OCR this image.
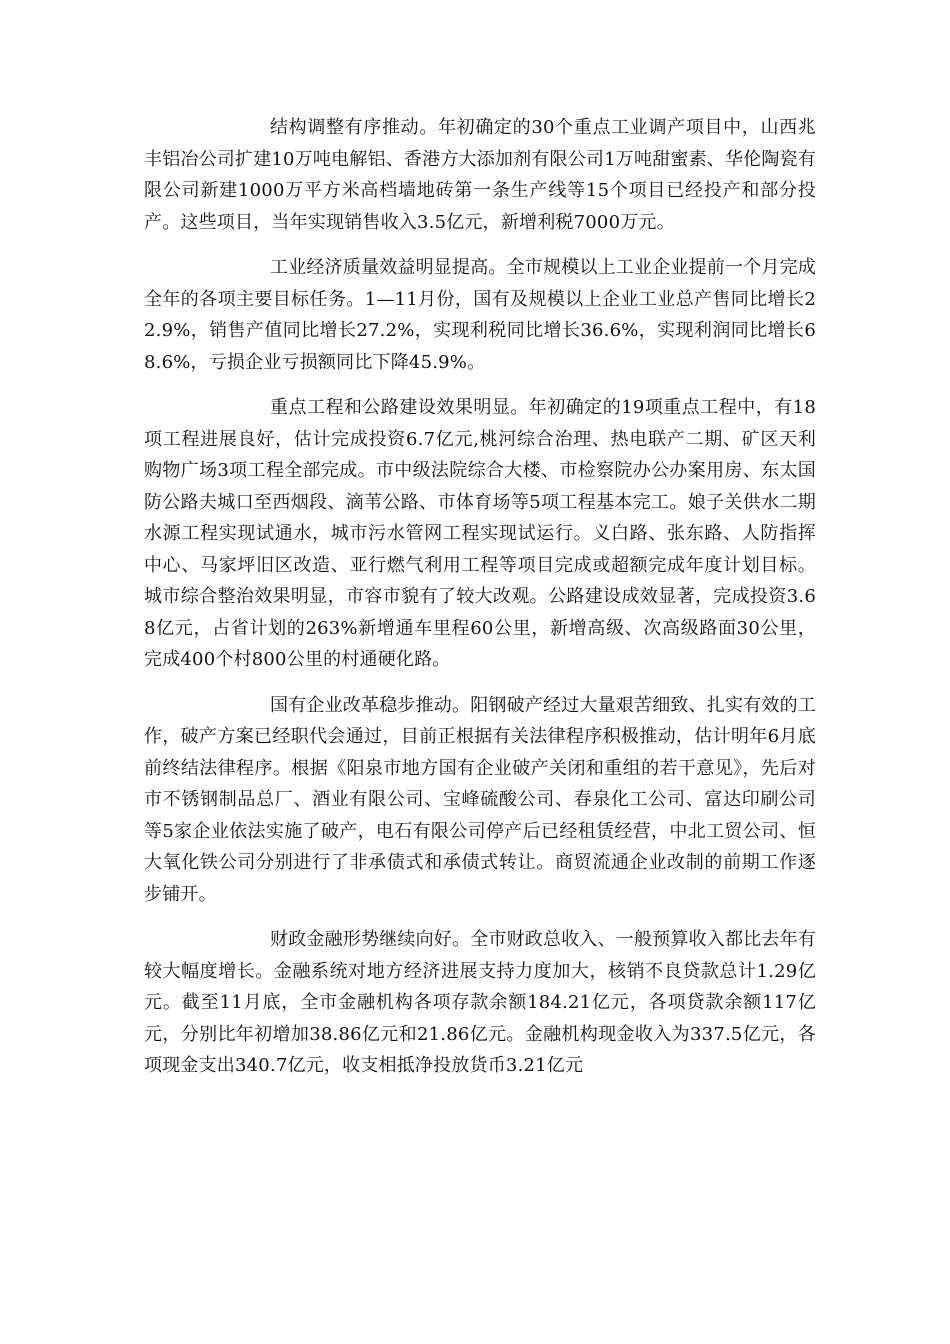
结构调整有序推动。年初确定的30个重点工业调产项目中，山西兆丰铝冶公司扩建10万吨电解铝、香港方大添加剂有限公司1万吨甜蜜素、华伦陶瓷有限公司新建1000万平方米高档墙地砖第一条生产线等15个项目已经投产和部分投产。这些项目，当年实现销售收入3.5亿元，新增利税7000万元。

工业经济质量效益明显提高。全市规模以上工业企业提前一个月完成全年的各项主要目标任务。1—11月份，国有及规模以上企业工业总产售同比增长22.9%，销售产值同比增长27.2%，实现利税同比增长36.6%，实现利润同比增长68.6%，亏损企业亏损额同比下降45.9%。

重点工程和公路建设效果明显。年初确定的19项重点工程中，有18项工程进展良好，估计完成投资6.7亿元,桃河综合治理、热电联产二期、矿区天利购物广场3项工程全部完成。市中级法院综合大楼、市检察院办公办案用房、东太国防公路夫城口至西烟段、滴苇公路、市体育场等5项工程基本完工。娘子关供水二期水源工程实现试通水，城市污水管网工程实现试运行。义白路、张东路、人防指挥中心、马家坪旧区改造、亚行燃气利用工程等项目完成或超额完成年度计划目标。城市综合整治效果明显，市容市貌有了较大改观。公路建设成效显著，完成投资3.68亿元，占省计划的263%新增通车里程60公里，新增高级、次高级路面30公里，完成400个村800公里的村通硬化路。

国有企业改革稳步推动。阳钢破产经过大量艰苦细致、扎实有效的工作，破产方案已经职代会通过，目前正根据有关法律程序积极推动，估计明年6月底前终结法律程序。根据《阳泉市地方国有企业破产关闭和重组的若干意见》，先后对市不锈钢制品总厂、酒业有限公司、宝峰硫酸公司、春泉化工公司、富达印刷公司等5家企业依法实施了破产，电石有限公司停产后已经租赁经营，中北工贸公司、恒大氧化铁公司分别进行了非承债式和承债式转让。商贸流通企业改制的前期工作逐步铺开。

财政金融形势继续向好。全市财政总收入、一般预算收入都比去年有较大幅度增长。金融系统对地方经济进展支持力度加大，核销不良贷款总计1.29亿元。截至11月底，全市金融机构各项存款余额184.21亿元，各项贷款余额117亿元，分别比年初增加38.86亿元和21.86亿元。金融机构现金收入为337.5亿元，各项现金支出340.7亿元，收支相抵净投放货币3.21亿元
